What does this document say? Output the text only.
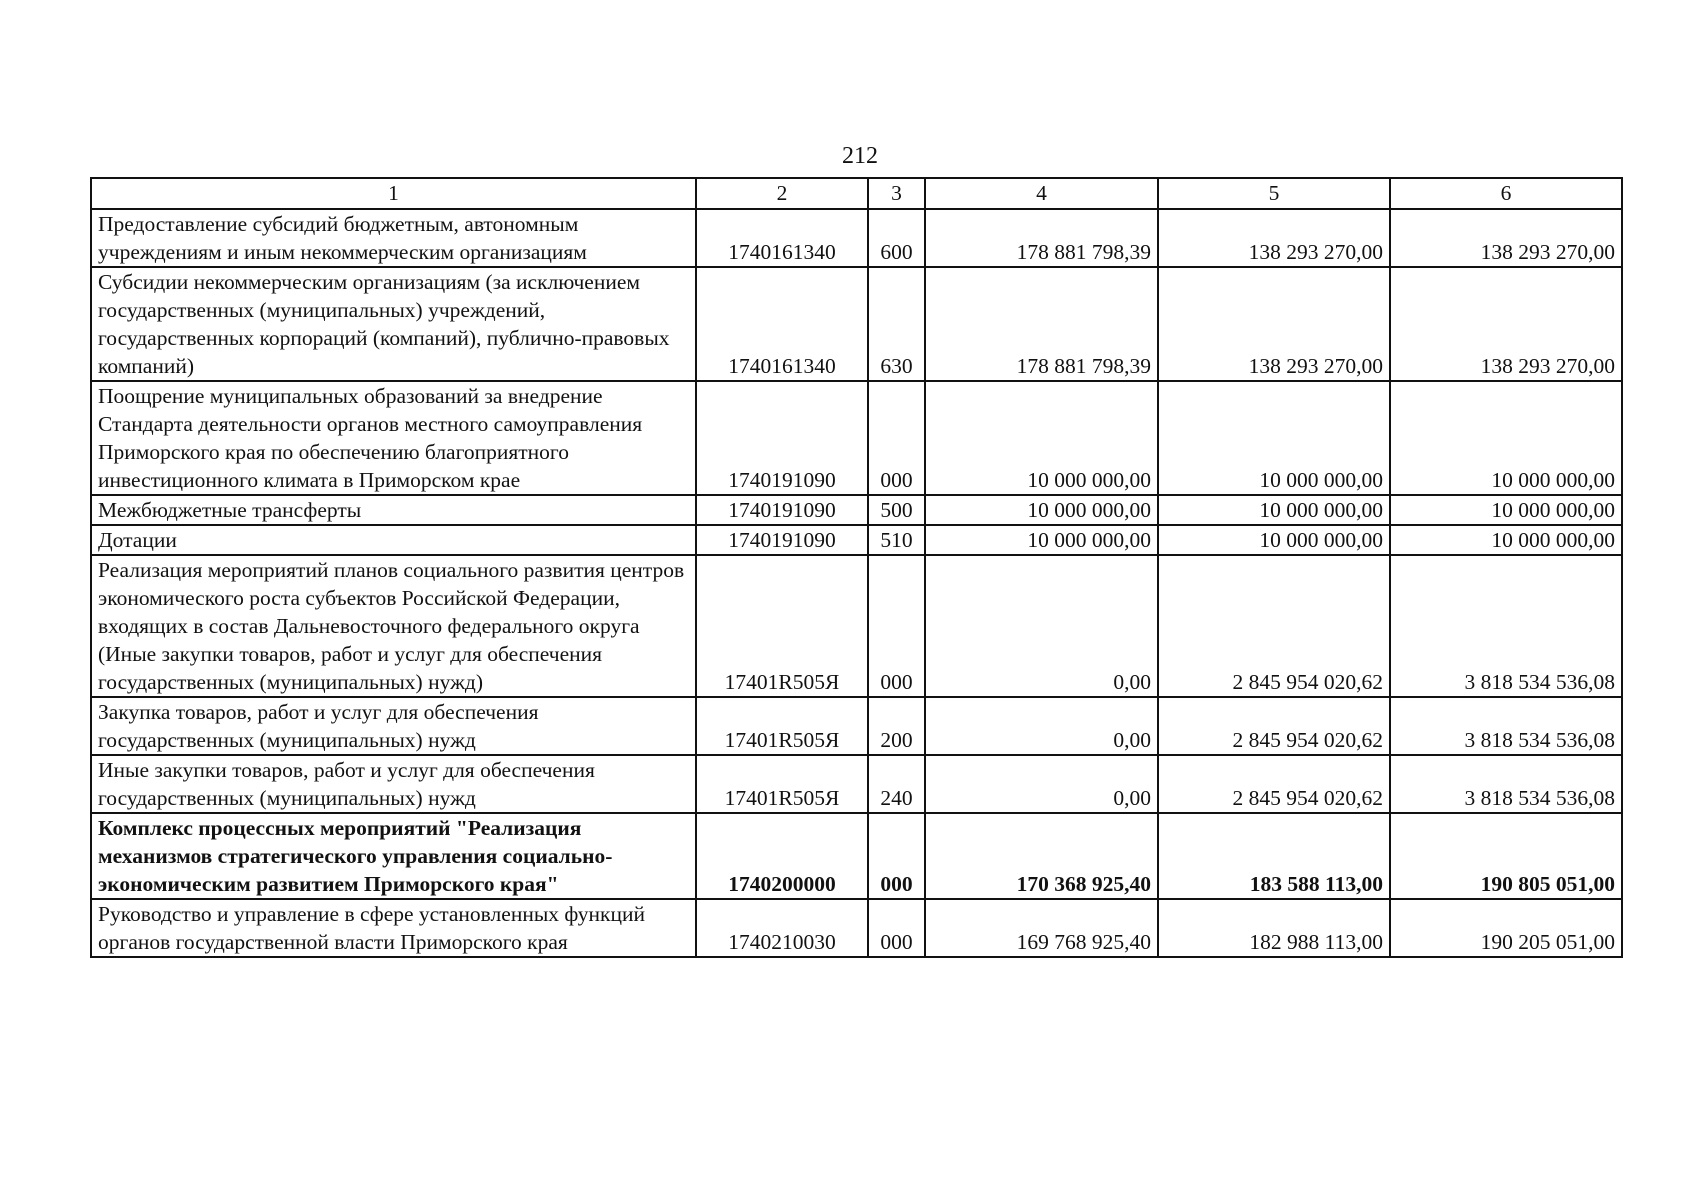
212
1	2	3	4	5	6
Предоставление субсидий бюджетным, автономным учреждениям и иным некоммерческим организациям	1740161340	600	178 881 798,39	138 293 270,00	138 293 270,00
Субсидии некоммерческим организациям (за исключением государственных (муниципальных) учреждений, государственных корпораций (компаний), публично-правовых компаний)	1740161340	630	178 881 798,39	138 293 270,00	138 293 270,00
Поощрение муниципальных образований за внедрение Стандарта деятельности органов местного самоуправления Приморского края по обеспечению благоприятного инвестиционного климата в Приморском крае	1740191090	000	10 000 000,00	10 000 000,00	10 000 000,00
Межбюджетные трансферты	1740191090	500	10 000 000,00	10 000 000,00	10 000 000,00
Дотации	1740191090	510	10 000 000,00	10 000 000,00	10 000 000,00
Реализация мероприятий планов социального развития центров экономического роста субъектов Российской Федерации, входящих в состав Дальневосточного федерального округа (Иные закупки товаров, работ и услуг для обеспечения государственных (муниципальных) нужд)	17401R505Я	000	0,00	2 845 954 020,62	3 818 534 536,08
Закупка товаров, работ и услуг для обеспечения государственных (муниципальных) нужд	17401R505Я	200	0,00	2 845 954 020,62	3 818 534 536,08
Иные закупки товаров, работ и услуг для обеспечения государственных (муниципальных) нужд	17401R505Я	240	0,00	2 845 954 020,62	3 818 534 536,08
Комплекс процессных мероприятий "Реализация механизмов стратегического управления социально-экономическим развитием Приморского края"	1740200000	000	170 368 925,40	183 588 113,00	190 805 051,00
Руководство и управление в сфере установленных функций органов государственной власти Приморского края	1740210030	000	169 768 925,40	182 988 113,00	190 205 051,00
